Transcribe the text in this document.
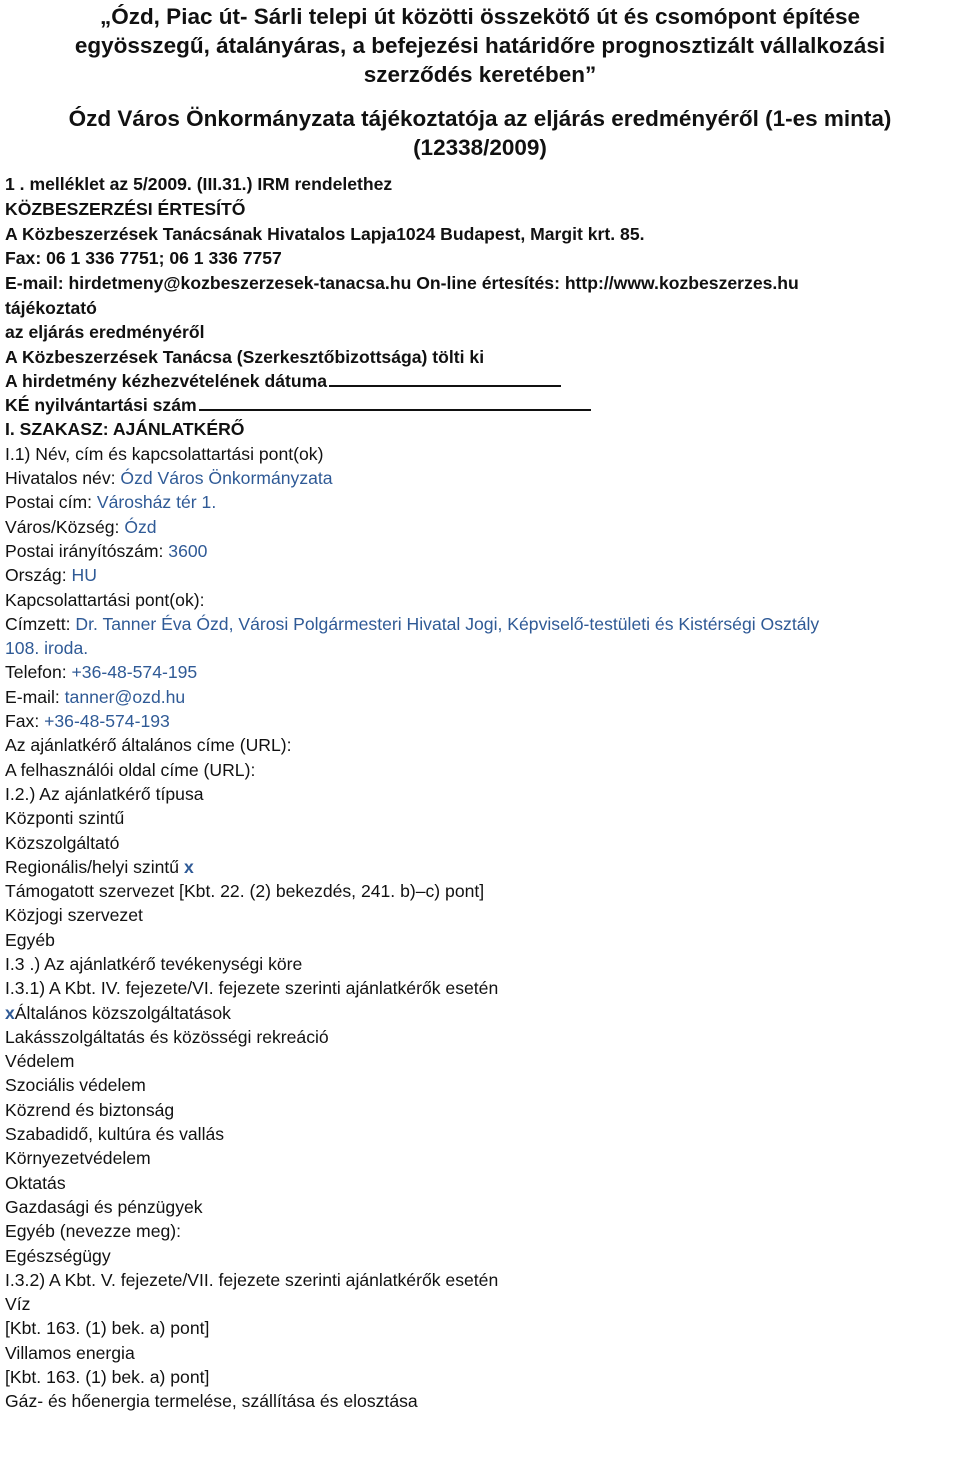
„Ózd, Piac út- Sárli telepi út közötti összekötő út és csomópont építése
egyösszegű, átalányáras, a befejezési határidőre prognosztizált vállalkozási
szerződés keretében”
Ózd Város Önkormányzata tájékoztatója az eljárás eredményéről (1-es minta)
(12338/2009)
1 . melléklet az 5/2009. (III.31.) IRM rendelethez
KÖZBESZERZÉSI ÉRTESÍTŐ
A Közbeszerzések Tanácsának Hivatalos Lapja1024 Budapest, Margit krt. 85.
Fax: 06 1 336 7751; 06 1 336 7757
E-mail: hirdetmeny@kozbeszerzesek-tanacsa.hu On-line értesítés: http://www.kozbeszerzes.hu
tájékoztató
az eljárás eredményéről
A Közbeszerzések Tanácsa (Szerkesztőbizottsága) tölti ki
A hirdetmény kézhezvételének dátuma
KÉ nyilvántartási szám
I. SZAKASZ: AJÁNLATKÉRŐ
I.1) Név, cím és kapcsolattartási pont(ok)
Hivatalos név: Ózd Város Önkormányzata
Postai cím: Városház tér 1.
Város/Község: Ózd
Postai irányítószám: 3600
Ország: HU
Kapcsolattartási pont(ok):
Címzett: Dr. Tanner Éva Ózd, Városi Polgármesteri Hivatal Jogi, Képviselő-testületi és Kistérségi Osztály
108. iroda.
Telefon: +36-48-574-195
E-mail: tanner@ozd.hu
Fax: +36-48-574-193
Az ajánlatkérő általános címe (URL):
A felhasználói oldal címe (URL):
I.2.) Az ajánlatkérő típusa
Központi szintű
Közszolgáltató
Regionális/helyi szintű x
Támogatott szervezet [Kbt. 22. (2) bekezdés, 241. b)–c) pont]
Közjogi szervezet
Egyéb
I.3 .) Az ajánlatkérő tevékenységi köre
I.3.1) A Kbt. IV. fejezete/VI. fejezete szerinti ajánlatkérők esetén
xÁltalános közszolgáltatások
Lakásszolgáltatás és közösségi rekreáció
Védelem
Szociális védelem
Közrend és biztonság
Szabadidő, kultúra és vallás
Környezetvédelem
Oktatás
Gazdasági és pénzügyek
Egyéb (nevezze meg):
Egészségügy
I.3.2) A Kbt. V. fejezete/VII. fejezete szerinti ajánlatkérők esetén
Víz
[Kbt. 163. (1) bek. a) pont]
Villamos energia
[Kbt. 163. (1) bek. a) pont]
Gáz- és hőenergia termelése, szállítása és elosztása
